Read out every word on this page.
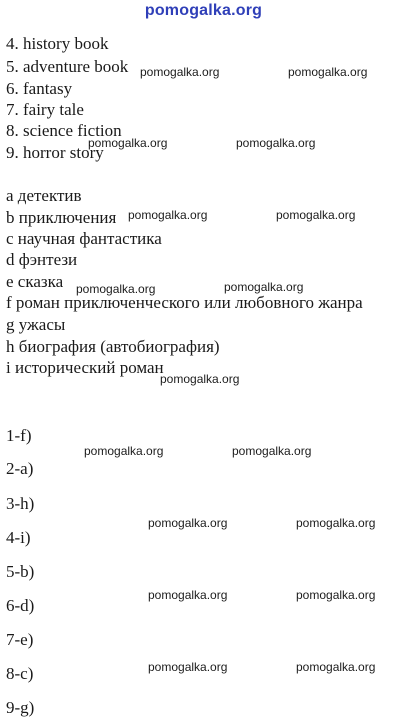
pomogalka.org
4. history book
5. adventure book
6. fantasy
7. fairy tale
8. science fiction
9. horror story
a детектив
b приключения
c научная фантастика
d фэнтези
e сказка
f роман приключенческого или любовного жанра
g ужасы
h биография (автобиография)
i исторический роман
1-f)
2-a)
3-h)
4-i)
5-b)
6-d)
7-e)
8-c)
9-g)
pomogalka.org	pomogalka.org
pomogalka.org	pomogalka.org
pomogalka.org	pomogalka.org
pomogalka.org	pomogalka.org
pomogalka.org
pomogalka.org	pomogalka.org
pomogalka.org	pomogalka.org
pomogalka.org	pomogalka.org
pomogalka.org	pomogalka.org
